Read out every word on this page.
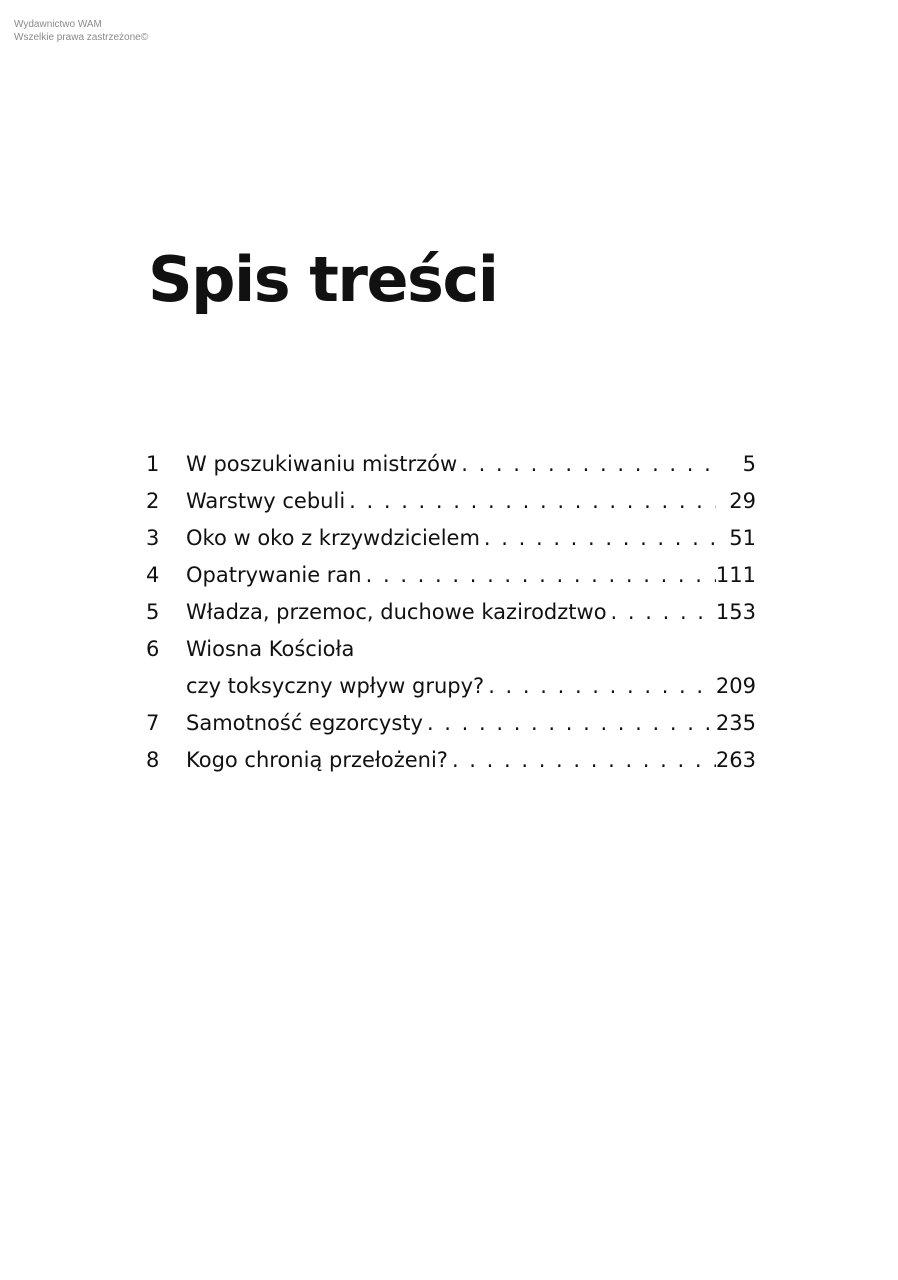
Wydawnictwo WAM
Wszelkie prawa zastrzeżone©
Spis treści
1	W poszukiwaniu mistrzów . . .	5
2	Warstwy cebuli . . .	29
3	Oko w oko z krzywdzicielem . . .	51
4	Opatrywanie ran . . .	111
5	Władza, przemoc, duchowe kazirodztwo . . .	153
6	Wiosna Kościoła
czy toksyczny wpływ grupy? . . .	209
7	Samotność egzorcysty . . .	235
8	Kogo chronią przełożeni? . . .	263
